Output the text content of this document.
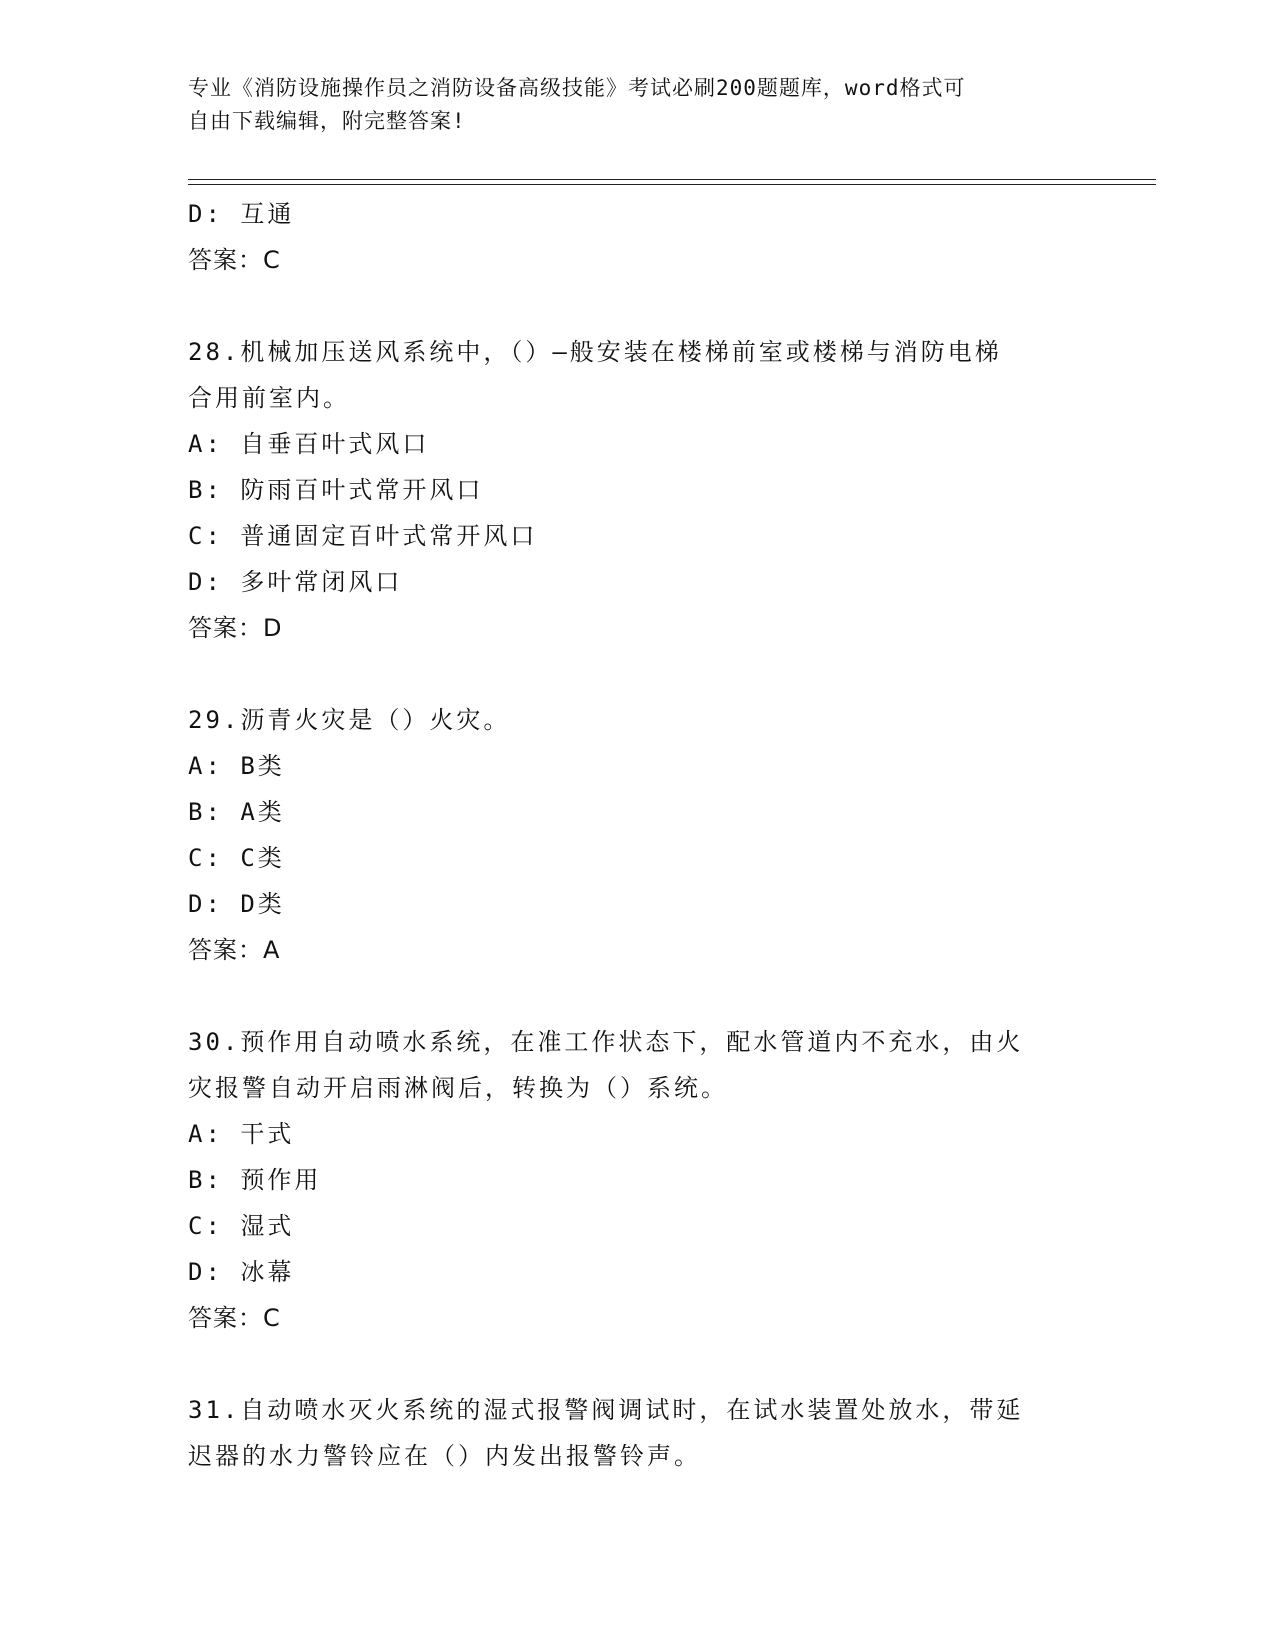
专业《消防设施操作员之消防设备高级技能》考试必刷200题题库，word格式可
自由下载编辑，附完整答案!
D: 互通
答案：C
28.机械加压送风系统中，（）—般安装在楼梯前室或楼梯与消防电梯
合用前室内。
A: 自垂百叶式风口
B: 防雨百叶式常开风口
C: 普通固定百叶式常开风口
D: 多叶常闭风口
答案：D
29.沥青火灾是（）火灾。
A: B类
B: A类
C: C类
D: D类
答案：A
30.预作用自动喷水系统，在准工作状态下，配水管道内不充水，由火
灾报警自动开启雨淋阀后，转换为（）系统。
A: 干式
B: 预作用
C: 湿式
D: 冰幕
答案：C
31.自动喷水灭火系统的湿式报警阀调试时，在试水装置处放水，带延
迟器的水力警铃应在（）内发出报警铃声。
